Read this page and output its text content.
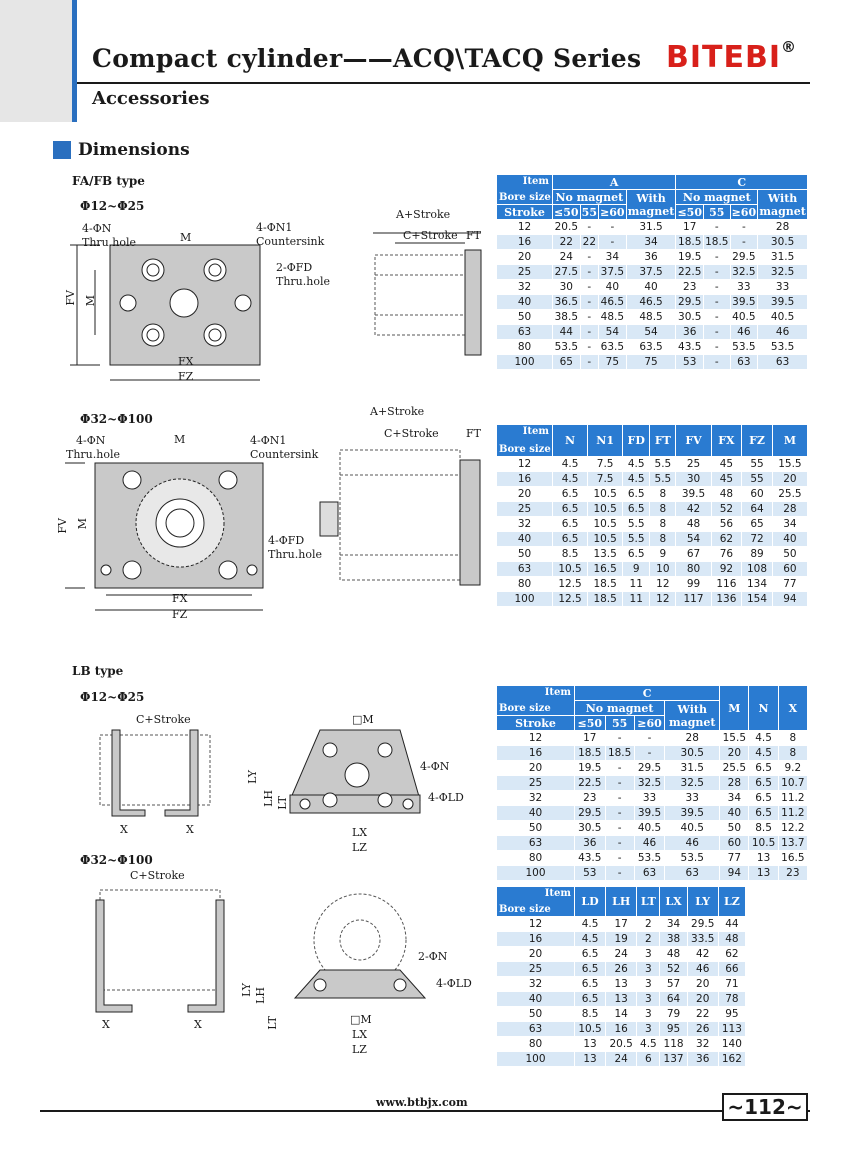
Compact cylinder——ACQ\TACQ Series BITEBI®
Accessories
Dimensions
FA/FB type
Φ12~Φ25
Φ32~Φ100
4-ΦN
Thru.hole	M
4-ΦN1
Countersink
2-ΦFD
Thru.hole
FV M
FX
FZ
A+Stroke
C+Stroke FT
4-ΦN
Thru.hole
M	4-ΦN1
Countersink
4-ΦFD
Thru.hole
FV M
FX
FZ
A+Stroke
C+Stroke FT
LB type
Φ12~Φ25
Φ32~Φ100
C+Stroke
X	X
□M
4-ΦN
4-ΦLD
LY
LH LT
LX
LZ
C+Stroke
X	X
2-ΦN
4-ΦLD
LY LH
LT	□M
LX
LZ
Item

Bore size	A				C			
	No magnet			With
magnet	No magnet			With
magnet
Stroke	≤50	55	≥60		≤50	55	≥60	
12	20.5	-	-	31.5	17	-	-	28
16	22	22	-	34	18.5	18.5	-	30.5
20	24	-	34	36	19.5	-	29.5	31.5
25	27.5	-	37.5	37.5	22.5	-	32.5	32.5
32	30	-	40	40	23	-	33	33
40	36.5	-	46.5	46.5	29.5	-	39.5	39.5
50	38.5	-	48.5	48.5	30.5	-	40.5	40.5
63	44	-	54	54	36	-	46	46
80	53.5	-	63.5	63.5	43.5	-	53.5	53.5
100	65	-	75	75	53	-	63	63
Item

Bore size	N	N1	FD	FT	FV	FX	FZ	M
12	4.5	7.5	4.5	5.5	25	45	55	15.5
16	4.5	7.5	4.5	5.5	30	45	55	20
20	6.5	10.5	6.5	8	39.5	48	60	25.5
25	6.5	10.5	6.5	8	42	52	64	28
32	6.5	10.5	5.5	8	48	56	65	34
40	6.5	10.5	5.5	8	54	62	72	40
50	8.5	13.5	6.5	9	67	76	89	50
63	10.5	16.5	9	10	80	92	108	60
80	12.5	18.5	11	12	99	116	134	77
100	12.5	18.5	11	12	117	136	154	94
Item

Bore size	C				M	N	X
	No magnet			With
magnet			
Stroke	≤50	55	≥60				
12	17	-	-	28	15.5	4.5	8
16	18.5	18.5	-	30.5	20	4.5	8
20	19.5	-	29.5	31.5	25.5	6.5	9.2
25	22.5	-	32.5	32.5	28	6.5	10.7
32	23	-	33	33	34	6.5	11.2
40	29.5	-	39.5	39.5	40	6.5	11.2
50	30.5	-	40.5	40.5	50	8.5	12.2
63	36	-	46	46	60	10.5	13.7
80	43.5	-	53.5	53.5	77	13	16.5
100	53	-	63	63	94	13	23
Item

Bore size	LD	LH	LT	LX	LY	LZ
12	4.5	17	2	34	29.5	44
16	4.5	19	2	38	33.5	48
20	6.5	24	3	48	42	62
25	6.5	26	3	52	46	66
32	6.5	13	3	57	20	71
40	6.5	13	3	64	20	78
50	8.5	14	3	79	22	95
63	10.5	16	3	95	26	113
80	13	20.5	4.5	118	32	140
100	13	24	6	137	36	162
www.btbjx.com	~112~
